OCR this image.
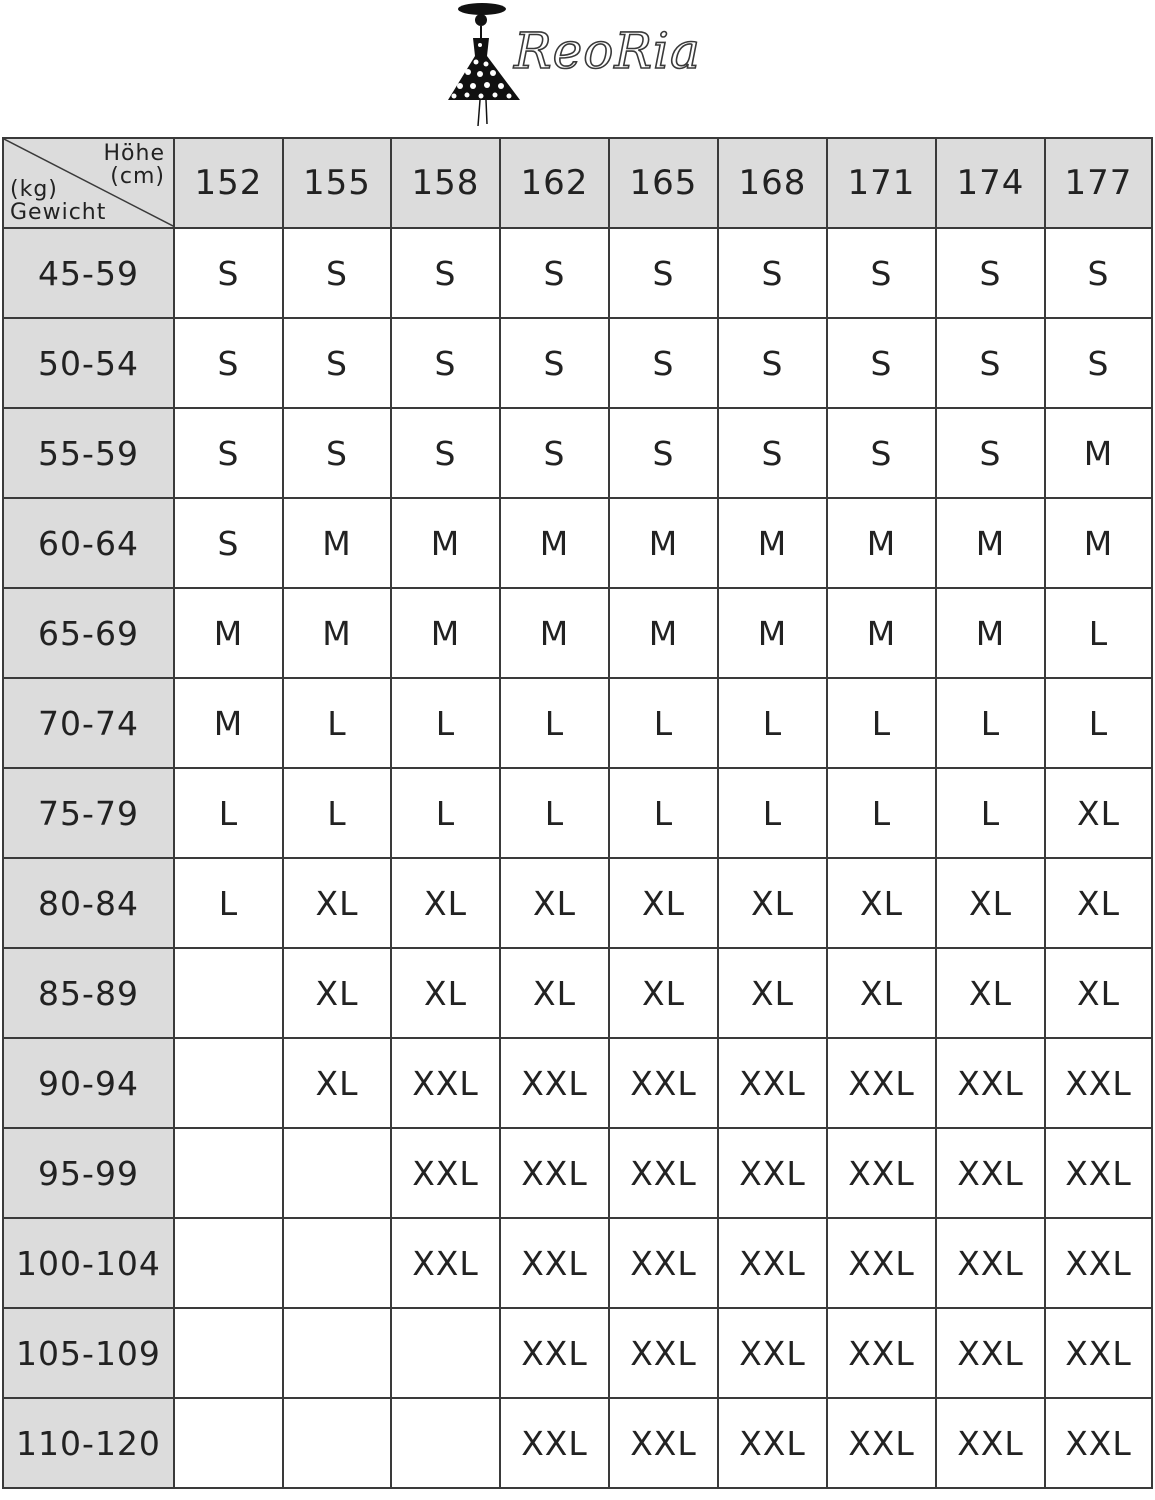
ReoRia
Höhe
(cm)
(kg)
Gewicht	152	155	158	162	165	168	171	174	177
45-59	S	S	S	S	S	S	S	S	S
50-54	S	S	S	S	S	S	S	S	S
55-59	S	S	S	S	S	S	S	S	M
60-64	S	M	M	M	M	M	M	M	M
65-69	M	M	M	M	M	M	M	M	L
70-74	M	L	L	L	L	L	L	L	L
75-79	L	L	L	L	L	L	L	L	XL
80-84	L	XL	XL	XL	XL	XL	XL	XL	XL
85-89		XL	XL	XL	XL	XL	XL	XL	XL
90-94		XL	XXL	XXL	XXL	XXL	XXL	XXL	XXL
95-99			XXL	XXL	XXL	XXL	XXL	XXL	XXL
100-104			XXL	XXL	XXL	XXL	XXL	XXL	XXL
105-109				XXL	XXL	XXL	XXL	XXL	XXL
110-120				XXL	XXL	XXL	XXL	XXL	XXL
